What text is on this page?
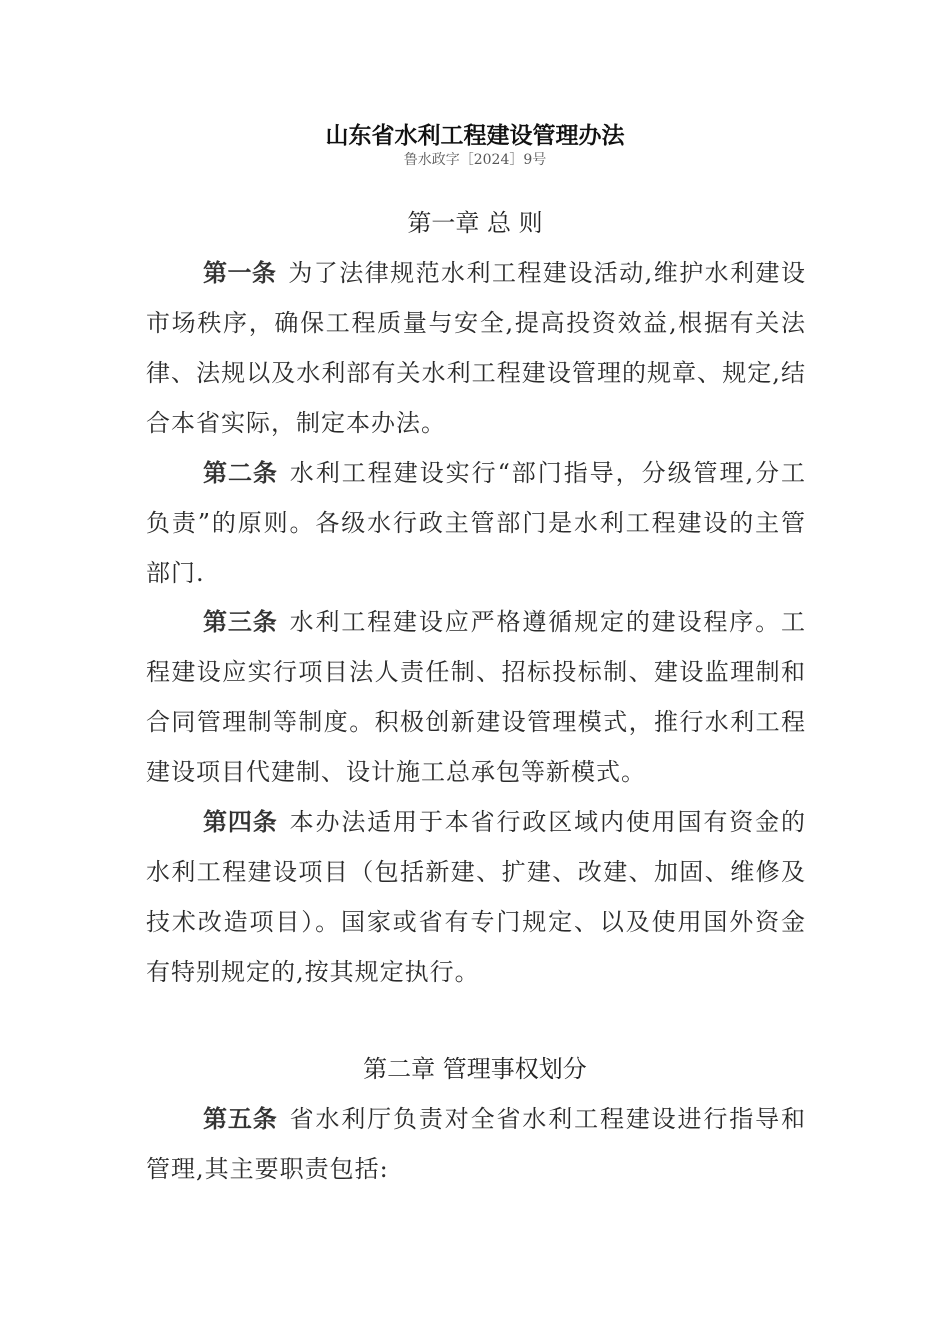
山东省水利工程建设管理办法
鲁水政字［2024］9号
第一章 总 则

第一条 为了法律规范水利工程建设活动,维护水利建设市场秩序，确保工程质量与安全,提高投资效益,根据有关法律、法规以及水利部有关水利工程建设管理的规章、规定,结合本省实际，制定本办法。

第二条 水利工程建设实行“部门指导，分级管理,分工负责”的原则。各级水行政主管部门是水利工程建设的主管部门.

第三条 水利工程建设应严格遵循规定的建设程序。工程建设应实行项目法人责任制、招标投标制、建设监理制和合同管理制等制度。积极创新建设管理模式，推行水利工程建设项目代建制、设计施工总承包等新模式。

第四条 本办法适用于本省行政区域内使用国有资金的水利工程建设项目（包括新建、扩建、改建、加固、维修及技术改造项目）。国家或省有专门规定、以及使用国外资金有特别规定的,按其规定执行。

第二章 管理事权划分

第五条 省水利厅负责对全省水利工程建设进行指导和管理,其主要职责包括:
